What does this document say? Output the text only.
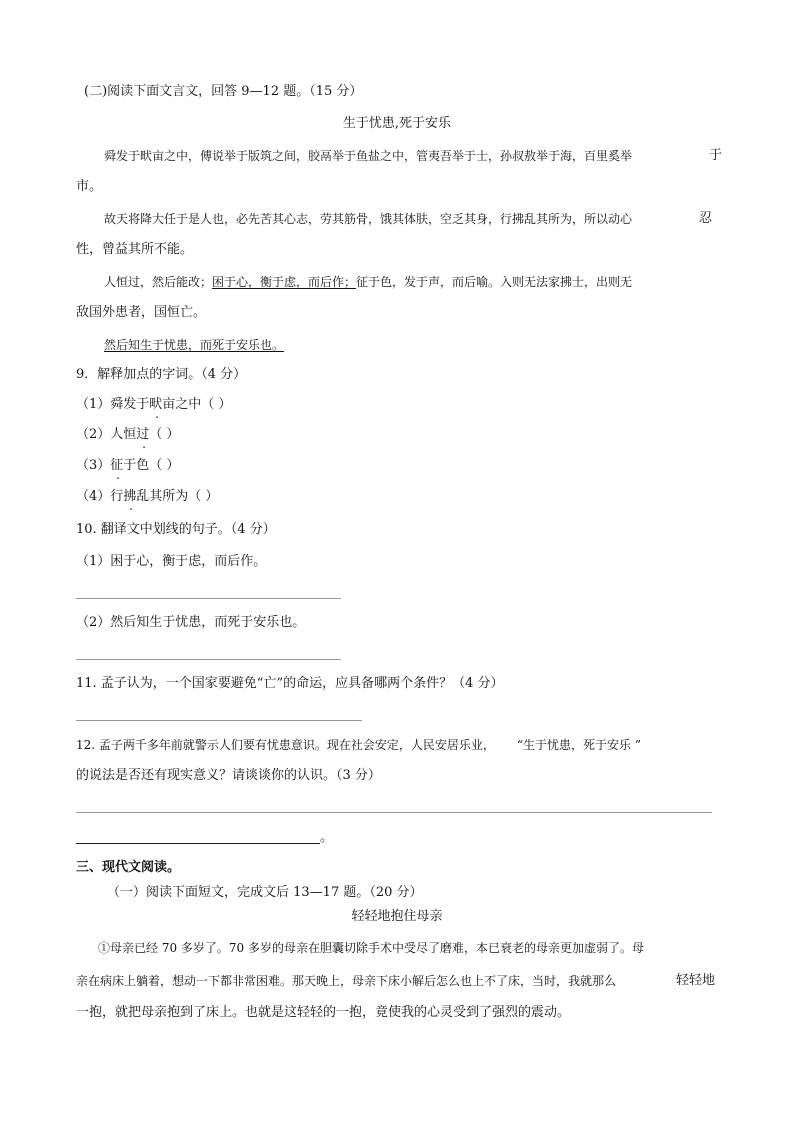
(二)阅读下面文言文，回答 9—12 题。（15 分）
生于忧患,死于安乐
舜发于畎亩之中，傅说举于版筑之间，胶鬲举于鱼盐之中，管夷吾举于士，孙叔敖举于海，百里奚举	于
市。
故天将降大任于是人也，必先苦其心志，劳其筋骨，饿其体肤，空乏其身，行拂乱其所为，所以动心	忍
性，曾益其所不能。
人恒过，然后能改；困于心，衡于虑，而后作；征于色，发于声，而后喻。入则无法家拂士，出则无
敌国外患者，国恒亡。
然后知生于忧患，而死于安乐也。
9．解释加点的字词。（4 分）
（1）舜发于畎亩之中（ ）
（2）人恒过（ ）
（3）征于色（ ）
（4）行拂乱其所为（ ）
10. 翻译文中划线的句子。（4 分）
（1）困于心，衡于虑，而后作。
（2）然后知生于忧患，而死于安乐也。
11. 孟子认为，一个国家要避免“亡”的命运，应具备哪两个条件？（4 分）
12. 孟子两千多年前就警示人们要有忧患意识。现在社会安定，人民安居乐业， “生于忧患，死于安乐 ”
的说法是否还有现实意义？请谈谈你的认识。（3 分）
。
三、现代文阅读。
（一）阅读下面短文，完成文后 13—17 题。（20 分）
轻轻地抱住母亲
①母亲已经 70 多岁了。70 多岁的母亲在胆囊切除手术中受尽了磨难，本已衰老的母亲更加虚弱了。母
亲在病床上躺着，想动一下都非常困难。那天晚上，母亲下床小解后怎么也上不了床，当时，我就那么	轻轻地
一抱，就把母亲抱到了床上。也就是这轻轻的一抱，竟使我的心灵受到了强烈的震动。
